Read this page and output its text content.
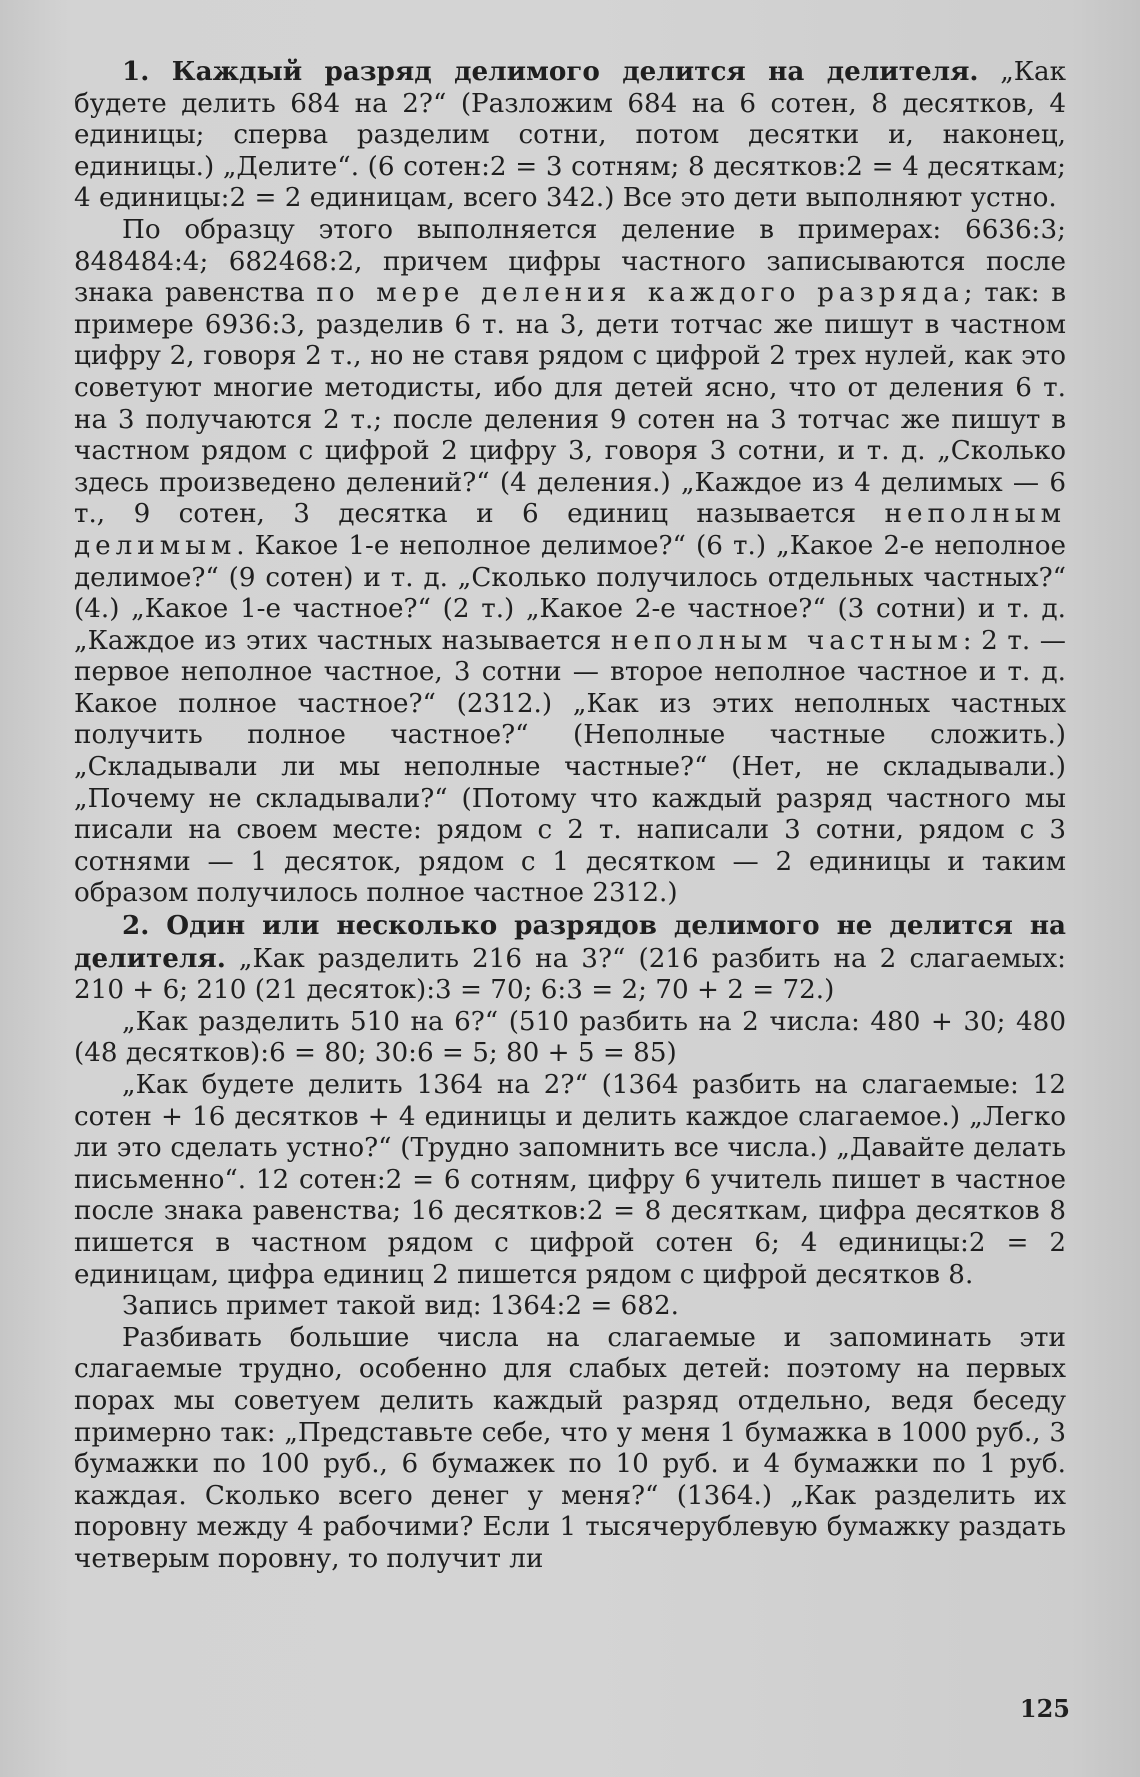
1. Каждый разряд делимого делится на делителя. „Как будете делить 684 на 2?“ (Разложим 684 на 6 сотен, 8 десятков, 4 единицы; сперва разделим сотни, потом десятки и, наконец, единицы.) „Делите“. (6 сотен:2 = 3 сотням; 8 десятков:2 = 4 десяткам; 4 единицы:2 = 2 единицам, всего 342.) Все это дети выполняют устно.

По образцу этого выполняется деление в примерах: 6636:3; 848484:4; 682468:2, причем цифры частного записываются после знака равенства по мере деления каждого разряда; так: в примере 6936:3, разделив 6 т. на 3, дети тотчас же пишут в частном цифру 2, говоря 2 т., но не ставя рядом с цифрой 2 трех нулей, как это советуют многие методисты, ибо для детей ясно, что от деления 6 т. на 3 получаются 2 т.; после деления 9 сотен на 3 тотчас же пишут в частном рядом с цифрой 2 цифру 3, говоря 3 сотни, и т. д. „Сколько здесь произведено делений?“ (4 деления.) „Каждое из 4 делимых — 6 т., 9 сотен, 3 десятка и 6 единиц называется неполным делимым. Какое 1-е неполное делимое?“ (6 т.) „Какое 2-е неполное делимое?“ (9 сотен) и т. д. „Сколько получилось отдельных частных?“ (4.) „Какое 1-е частное?“ (2 т.) „Какое 2-е частное?“ (3 сотни) и т. д. „Каждое из этих частных называется неполным частным: 2 т. — первое неполное частное, 3 сотни — второе неполное частное и т. д. Какое полное частное?“ (2312.) „Как из этих неполных частных получить полное частное?“ (Неполные частные сложить.) „Складывали ли мы неполные частные?“ (Нет, не складывали.) „Почему не складывали?“ (Потому что каждый разряд частного мы писали на своем месте: рядом с 2 т. написали 3 сотни, рядом с 3 сотнями — 1 десяток, рядом с 1 десятком — 2 единицы и таким образом получилось полное частное 2312.)

2. Один или несколько разрядов делимого не делится на делителя. „Как разделить 216 на 3?“ (216 разбить на 2 слагаемых: 210 + 6; 210 (21 десяток):3 = 70; 6:3 = 2; 70 + 2 = 72.)

„Как разделить 510 на 6?“ (510 разбить на 2 числа: 480 + 30; 480 (48 десятков):6 = 80; 30:6 = 5; 80 + 5 = 85)

„Как будете делить 1364 на 2?“ (1364 разбить на слагаемые: 12 сотен + 16 десятков + 4 единицы и делить каждое слагаемое.) „Легко ли это сделать устно?“ (Трудно запомнить все числа.) „Давайте делать письменно“. 12 сотен:2 = 6 сотням, цифру 6 учитель пишет в частное после знака равенства; 16 десятков:2 = 8 десяткам, цифра десятков 8 пишется в частном рядом с цифрой сотен 6; 4 единицы:2 = 2 единицам, цифра единиц 2 пишется рядом с цифрой десятков 8.

Запись примет такой вид: 1364:2 = 682.

Разбивать большие числа на слагаемые и запоминать эти слагаемые трудно, особенно для слабых детей: поэтому на первых порах мы советуем делить каждый разряд отдельно, ведя беседу примерно так: „Представьте себе, что у меня 1 бумажка в 1000 руб., 3 бумажки по 100 руб., 6 бумажек по 10 руб. и 4 бумажки по 1 руб. каждая. Сколько всего денег у меня?“ (1364.) „Как разделить их поровну между 4 рабочими? Если 1 тысячерублевую бумажку раздать четверым поровну, то получит ли

125
